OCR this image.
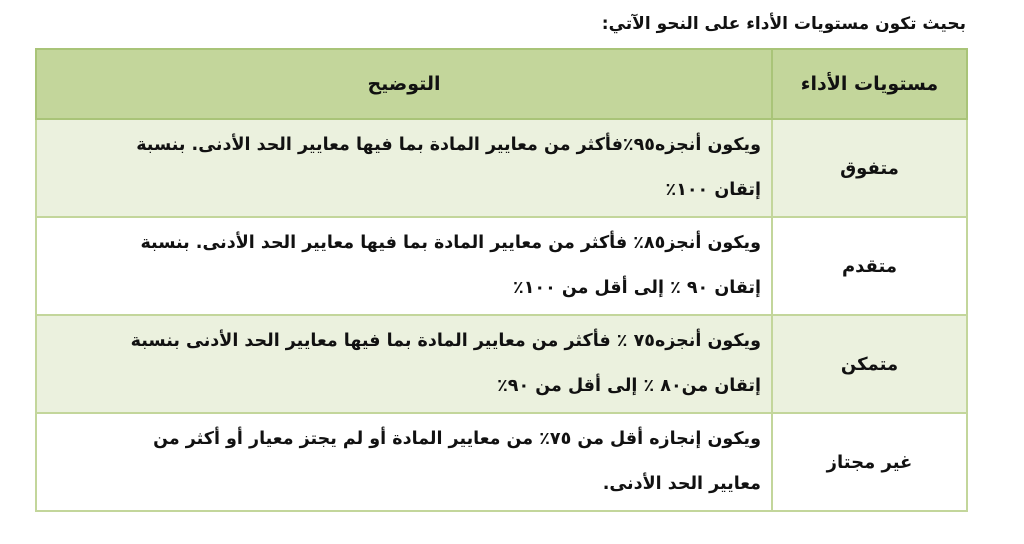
بحيث تكون مستويات الأداء على النحو الآتي:
مستويات الأداء	التوضيح
متفوق	ويكون أنجزه٩٥٪فأكثر من معايير المادة بما فيها معايير الحد الأدنى. بنسبة
إتقان ١٠٠٪

متقدم	ويكون أنجز٨٥٪ فأكثر من معايير المادة بما فيها معايير الحد الأدنى. بنسبة
إتقان ٩٠ ٪ إلى أقل من ١٠٠٪

متمكن	ويكون أنجزه٧٥ ٪ فأكثر من معايير المادة بما فيها معايير الحد الأدنى بنسبة
إتقان من٨٠ ٪ إلى أقل من ٩٠٪

غير مجتاز	ويكون إنجازه أقل من ٧٥٪ من معايير المادة أو لم يجتز معيار أو أكثر من
معايير الحد الأدنى.
